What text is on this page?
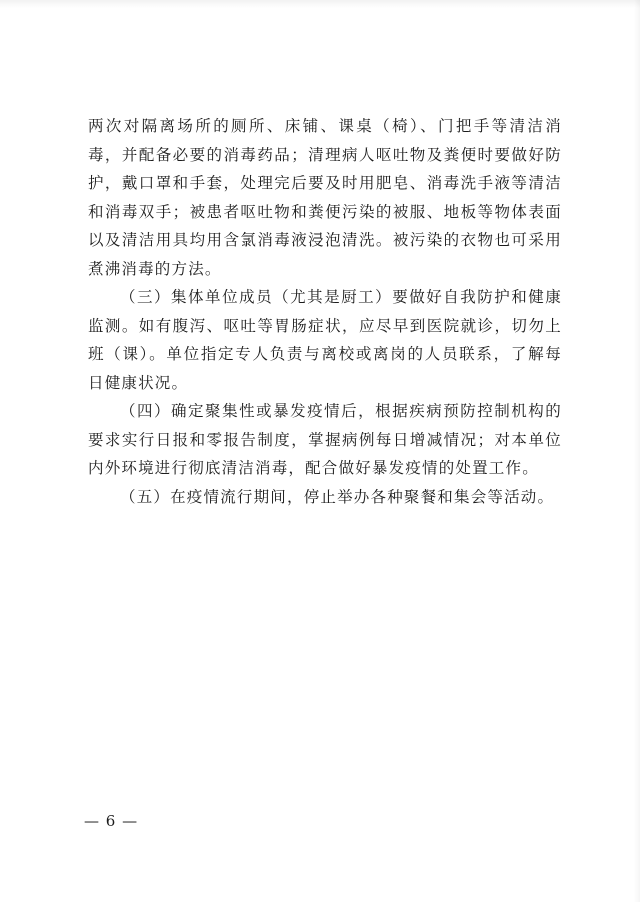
两次对隔离场所的厕所、床铺、课桌（椅）、门把手等清洁消毒，并配备必要的消毒药品；清理病人呕吐物及粪便时要做好防护，戴口罩和手套，处理完后要及时用肥皂、消毒洗手液等清洁和消毒双手；被患者呕吐物和粪便污染的被服、地板等物体表面以及清洁用具均用含氯消毒液浸泡清洗。被污染的衣物也可采用煮沸消毒的方法。

（三）集体单位成员（尤其是厨工）要做好自我防护和健康监测。如有腹泻、呕吐等胃肠症状，应尽早到医院就诊，切勿上班（课）。单位指定专人负责与离校或离岗的人员联系，了解每日健康状况。

（四）确定聚集性或暴发疫情后，根据疾病预防控制机构的要求实行日报和零报告制度，掌握病例每日增减情况；对本单位内外环境进行彻底清洁消毒，配合做好暴发疫情的处置工作。

（五）在疫情流行期间，停止举办各种聚餐和集会等活动。

— 6 —
